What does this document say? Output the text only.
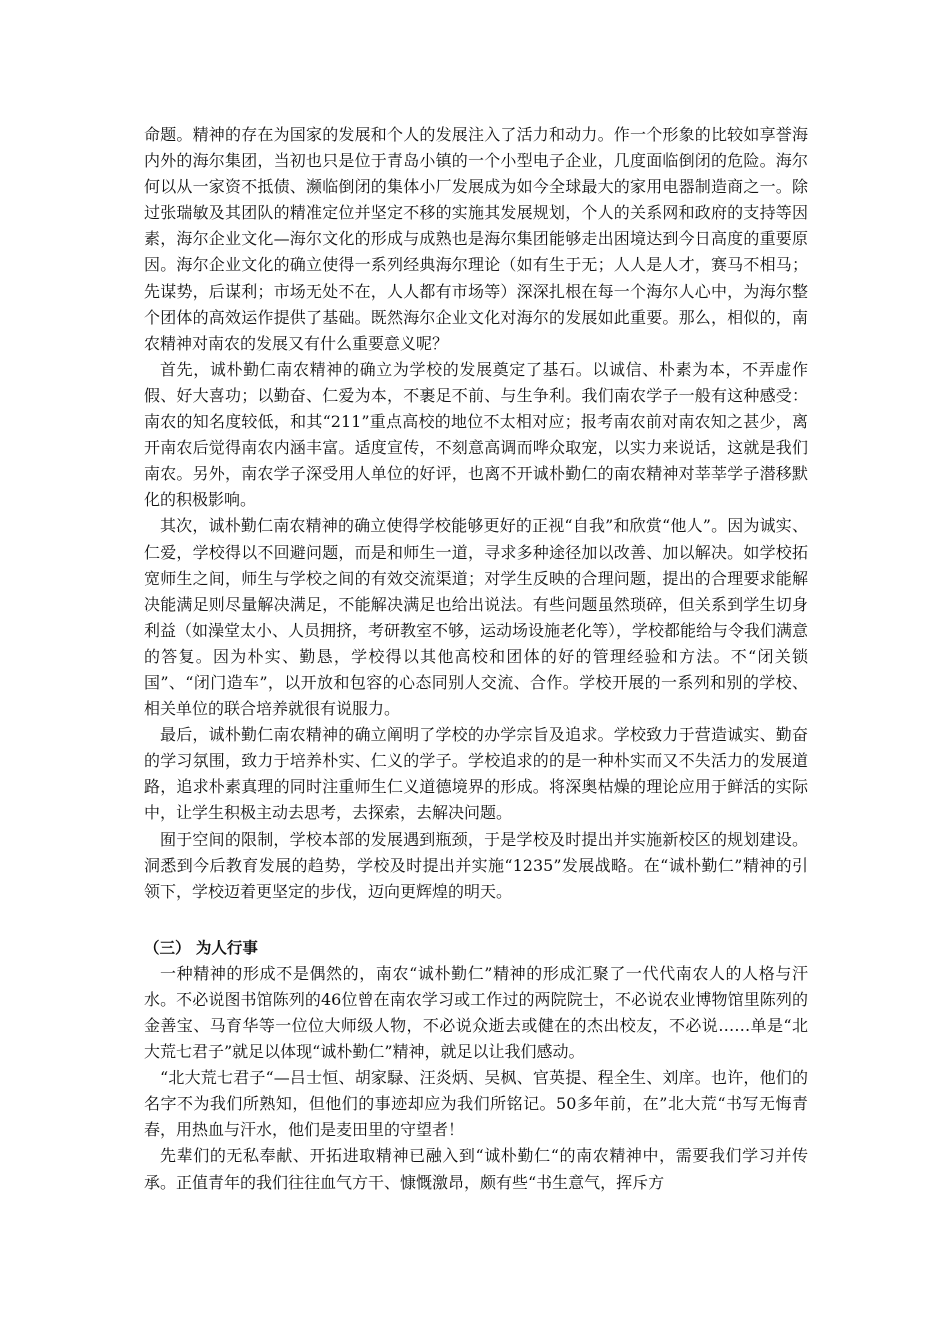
命题。精神的存在为国家的发展和个人的发展注入了活力和动力。作一个形象的比较如享誉海内外的海尔集团，当初也只是位于青岛小镇的一个小型电子企业，几度面临倒闭的危险。海尔何以从一家资不抵债、濒临倒闭的集体小厂发展成为如今全球最大的家用电器制造商之一。除过张瑞敏及其团队的精准定位并坚定不移的实施其发展规划，个人的关系网和政府的支持等因素，海尔企业文化—海尔文化的形成与成熟也是海尔集团能够走出困境达到今日高度的重要原因。海尔企业文化的确立使得一系列经典海尔理论（如有生于无；人人是人才，赛马不相马；先谋势，后谋利；市场无处不在，人人都有市场等）深深扎根在每一个海尔人心中，为海尔整个团体的高效运作提供了基础。既然海尔企业文化对海尔的发展如此重要。那么，相似的，南农精神对南农的发展又有什么重要意义呢？

首先，诚朴勤仁南农精神的确立为学校的发展奠定了基石。以诚信、朴素为本，不弄虚作假、好大喜功；以勤奋、仁爱为本，不裹足不前、与生争利。我们南农学子一般有这种感受：南农的知名度较低，和其“211”重点高校的地位不太相对应；报考南农前对南农知之甚少，离开南农后觉得南农内涵丰富。适度宣传，不刻意高调而哗众取宠，以实力来说话，这就是我们南农。另外，南农学子深受用人单位的好评，也离不开诚朴勤仁的南农精神对莘莘学子潜移默化的积极影响。

其次，诚朴勤仁南农精神的确立使得学校能够更好的正视“自我”和欣赏“他人”。因为诚实、仁爱，学校得以不回避问题，而是和师生一道，寻求多种途径加以改善、加以解决。如学校拓宽师生之间，师生与学校之间的有效交流渠道；对学生反映的合理问题，提出的合理要求能解决能满足则尽量解决满足，不能解决满足也给出说法。有些问题虽然琐碎，但关系到学生切身利益（如澡堂太小、人员拥挤，考研教室不够，运动场设施老化等），学校都能给与令我们满意的答复。因为朴实、勤恳，学校得以其他高校和团体的好的管理经验和方法。不“闭关锁国”、“闭门造车”，以开放和包容的心态同别人交流、合作。学校开展的一系列和别的学校、相关单位的联合培养就很有说服力。

最后，诚朴勤仁南农精神的确立阐明了学校的办学宗旨及追求。学校致力于营造诚实、勤奋的学习氛围，致力于培养朴实、仁义的学子。学校追求的的是一种朴实而又不失活力的发展道路，追求朴素真理的同时注重师生仁义道德境界的形成。将深奥枯燥的理论应用于鲜活的实际中，让学生积极主动去思考，去探索，去解决问题。

囿于空间的限制，学校本部的发展遇到瓶颈，于是学校及时提出并实施新校区的规划建设。洞悉到今后教育发展的趋势，学校及时提出并实施“1235”发展战略。在“诚朴勤仁”精神的引领下，学校迈着更坚定的步伐，迈向更辉煌的明天。

（三） 为人行事

一种精神的形成不是偶然的，南农“诚朴勤仁”精神的形成汇聚了一代代南农人的人格与汗水。不必说图书馆陈列的46位曾在南农学习或工作过的两院院士，不必说农业博物馆里陈列的金善宝、马育华等一位位大师级人物，不必说众逝去或健在的杰出校友，不必说……单是“北大荒七君子”就足以体现“诚朴勤仁”精神，就足以让我们感动。

“北大荒七君子“—吕士恒、胡家騄、汪炎炳、吴枫、官英提、程全生、刘庠。也许，他们的名字不为我们所熟知，但他们的事迹却应为我们所铭记。50多年前，在”北大荒“书写无悔青春，用热血与汗水，他们是麦田里的守望者！

先辈们的无私奉献、开拓进取精神已融入到“诚朴勤仁“的南农精神中，需要我们学习并传承。正值青年的我们往往血气方干、慷慨激昂，颇有些“书生意气，挥斥方
